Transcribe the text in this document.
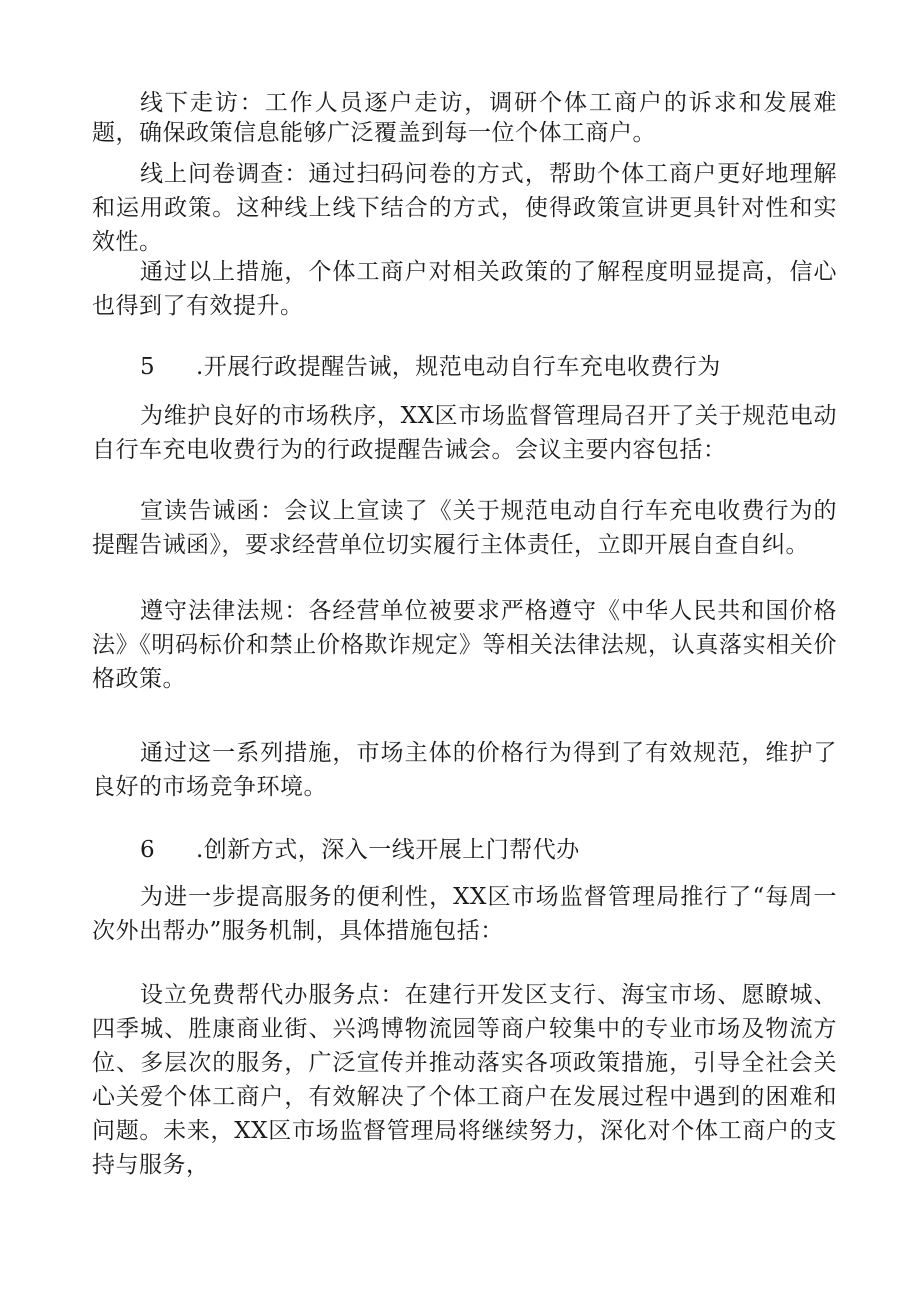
线下走访：工作人员逐户走访，调研个体工商户的诉求和发展难题，确保政策信息能够广泛覆盖到每一位个体工商户。

线上问卷调查：通过扫码问卷的方式，帮助个体工商户更好地理解和运用政策。这种线上线下结合的方式，使得政策宣讲更具针对性和实效性。

通过以上措施，个体工商户对相关政策的了解程度明显提高，信心也得到了有效提升。

5 .开展行政提醒告诫，规范电动自行车充电收费行为

为维护良好的市场秩序，XX区市场监督管理局召开了关于规范电动自行车充电收费行为的行政提醒告诫会。会议主要内容包括：

宣读告诫函：会议上宣读了《关于规范电动自行车充电收费行为的提醒告诫函》，要求经营单位切实履行主体责任，立即开展自查自纠。

遵守法律法规：各经营单位被要求严格遵守《中华人民共和国价格法》《明码标价和禁止价格欺诈规定》等相关法律法规，认真落实相关价格政策。

通过这一系列措施，市场主体的价格行为得到了有效规范，维护了良好的市场竞争环境。

6 .创新方式，深入一线开展上门帮代办

为进一步提高服务的便利性，XX区市场监督管理局推行了“每周一次外出帮办”服务机制，具体措施包括：

设立免费帮代办服务点：在建行开发区支行、海宝市场、愿瞭城、四季城、胜康商业街、兴鸿博物流园等商户较集中的专业市场及物流方位、多层次的服务，广泛宣传并推动落实各项政策措施，引导全社会关心关爱个体工商户，有效解决了个体工商户在发展过程中遇到的困难和问题。未来，XX区市场监督管理局将继续努力，深化对个体工商户的支持与服务，
